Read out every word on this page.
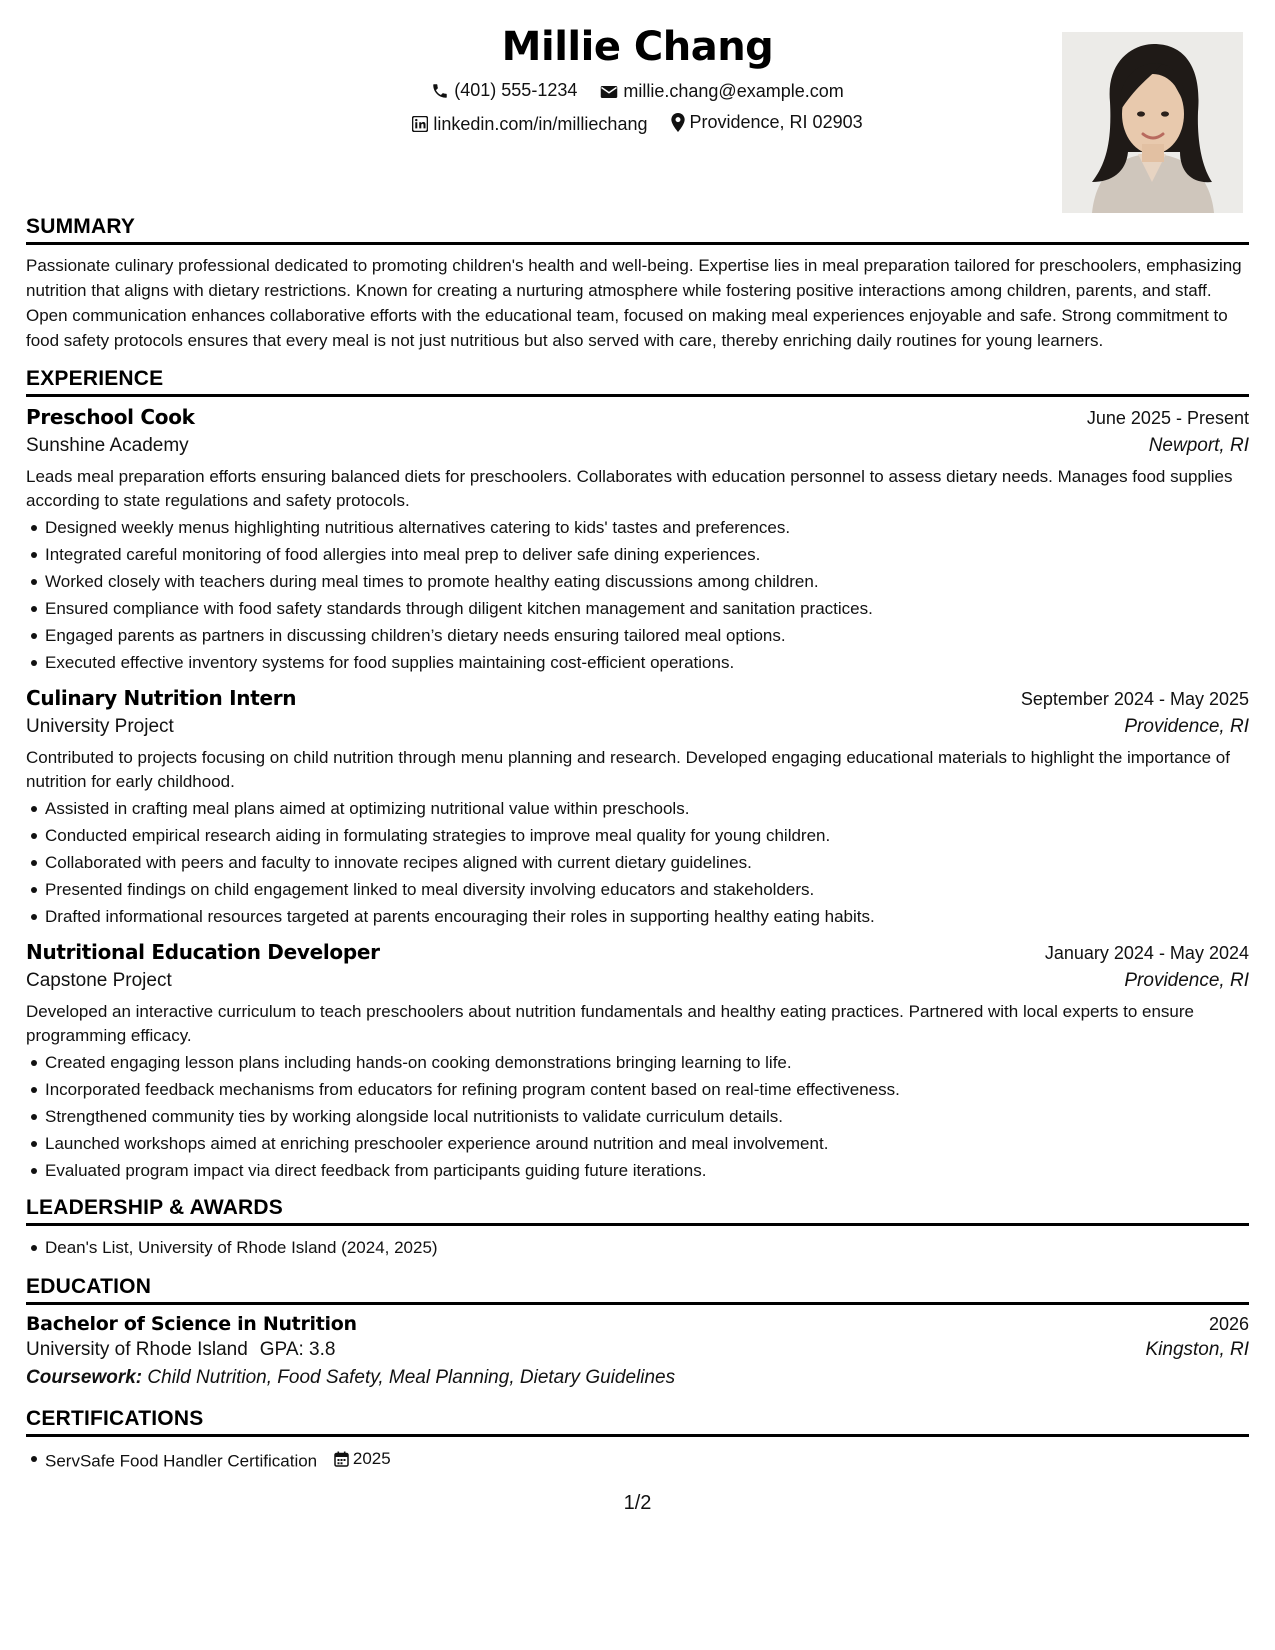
Millie Chang
(401) 555-1234
	millie.chang@example.com
linkedin.com/in/milliechang
Providence, RI 02903
SUMMARY
Passionate culinary professional dedicated to promoting children's health and well-being. Expertise lies in meal preparation tailored for preschoolers, emphasizing nutrition that aligns with dietary restrictions. Known for creating a nurturing atmosphere while fostering positive interactions among children, parents, and staff. Open communication enhances collaborative efforts with the educational team, focused on making meal experiences enjoyable and safe. Strong commitment to food safety protocols ensures that every meal is not just nutritious but also served with care, thereby enriching daily routines for young learners.
EXPERIENCE
Preschool Cook	June 2025 - Present
Sunshine Academy	Newport, RI
Leads meal preparation efforts ensuring balanced diets for preschoolers. Collaborates with education personnel to assess dietary needs. Manages food supplies according to state regulations and safety protocols.
Designed weekly menus highlighting nutritious alternatives catering to kids' tastes and preferences.
Integrated careful monitoring of food allergies into meal prep to deliver safe dining experiences.
Worked closely with teachers during meal times to promote healthy eating discussions among children.
Ensured compliance with food safety standards through diligent kitchen management and sanitation practices.
Engaged parents as partners in discussing children’s dietary needs ensuring tailored meal options.
Executed effective inventory systems for food supplies maintaining cost-efficient operations.
Culinary Nutrition Intern	September 2024 - May 2025
University Project	Providence, RI
Contributed to projects focusing on child nutrition through menu planning and research. Developed engaging educational materials to highlight the importance of nutrition for early childhood.
Assisted in crafting meal plans aimed at optimizing nutritional value within preschools.
Conducted empirical research aiding in formulating strategies to improve meal quality for young children.
Collaborated with peers and faculty to innovate recipes aligned with current dietary guidelines.
Presented findings on child engagement linked to meal diversity involving educators and stakeholders.
Drafted informational resources targeted at parents encouraging their roles in supporting healthy eating habits.
Nutritional Education Developer	January 2024 - May 2024
Capstone Project	Providence, RI
Developed an interactive curriculum to teach preschoolers about nutrition fundamentals and healthy eating practices. Partnered with local experts to ensure programming efficacy.
Created engaging lesson plans including hands-on cooking demonstrations bringing learning to life.
Incorporated feedback mechanisms from educators for refining program content based on real-time effectiveness.
Strengthened community ties by working alongside local nutritionists to validate curriculum details.
Launched workshops aimed at enriching preschooler experience around nutrition and meal involvement.
Evaluated program impact via direct feedback from participants guiding future iterations.
LEADERSHIP & AWARDS
Dean's List, University of Rhode Island (2024, 2025)
EDUCATION
Bachelor of Science in Nutrition	2026
University of Rhode Island GPA: 3.8	Kingston, RI
Coursework: Child Nutrition, Food Safety, Meal Planning, Dietary Guidelines
CERTIFICATIONS
ServSafe Food Handler Certification 2025
1/2
